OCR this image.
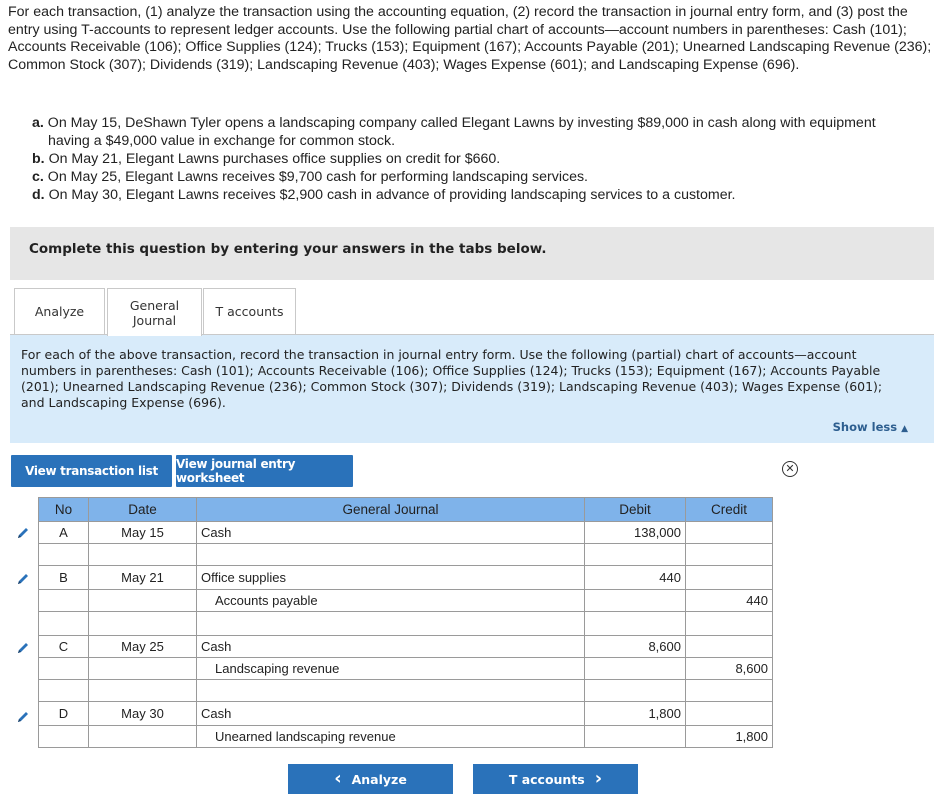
For each transaction, (1) analyze the transaction using the accounting equation, (2) record the transaction in journal entry form, and (3) post the entry using T-accounts to represent ledger accounts. Use the following partial chart of accounts—account numbers in parentheses: Cash (101); Accounts Receivable (106); Office Supplies (124); Trucks (153); Equipment (167); Accounts Payable (201); Unearned Landscaping Revenue (236); Common Stock (307); Dividends (319); Landscaping Revenue (403); Wages Expense (601); and Landscaping Expense (696).
a. On May 15, DeShawn Tyler opens a landscaping company called Elegant Lawns by investing $89,000 in cash along with equipment having a $49,000 value in exchange for common stock.
b. On May 21, Elegant Lawns purchases office supplies on credit for $660.
c. On May 25, Elegant Lawns receives $9,700 cash for performing landscaping services.
d. On May 30, Elegant Lawns receives $2,900 cash in advance of providing landscaping services to a customer.
Complete this question by entering your answers in the tabs below.
Analyze	General
Journal
T accounts
For each of the above transaction, record the transaction in journal entry form. Use the following (partial) chart of accounts—account numbers in parentheses: Cash (101); Accounts Receivable (106); Office Supplies (124); Trucks (153); Equipment (167); Accounts Payable (201); Unearned Landscaping Revenue (236); Common Stock (307); Dividends (319); Landscaping Revenue (403); Wages Expense (601); and Landscaping Expense (696).
Show less ▲
View transaction list	View journal entry worksheet
✕
No	Date	General Journal	Debit	Credit
A	May 15	Cash	138,000	

B	May 21	Office supplies	440	
		Accounts payable		440

C	May 25	Cash	8,600	
		Landscaping revenue		8,600

D	May 30	Cash	1,800	
		Unearned landscaping revenue		1,800
‹ Analyze	T accounts ›
